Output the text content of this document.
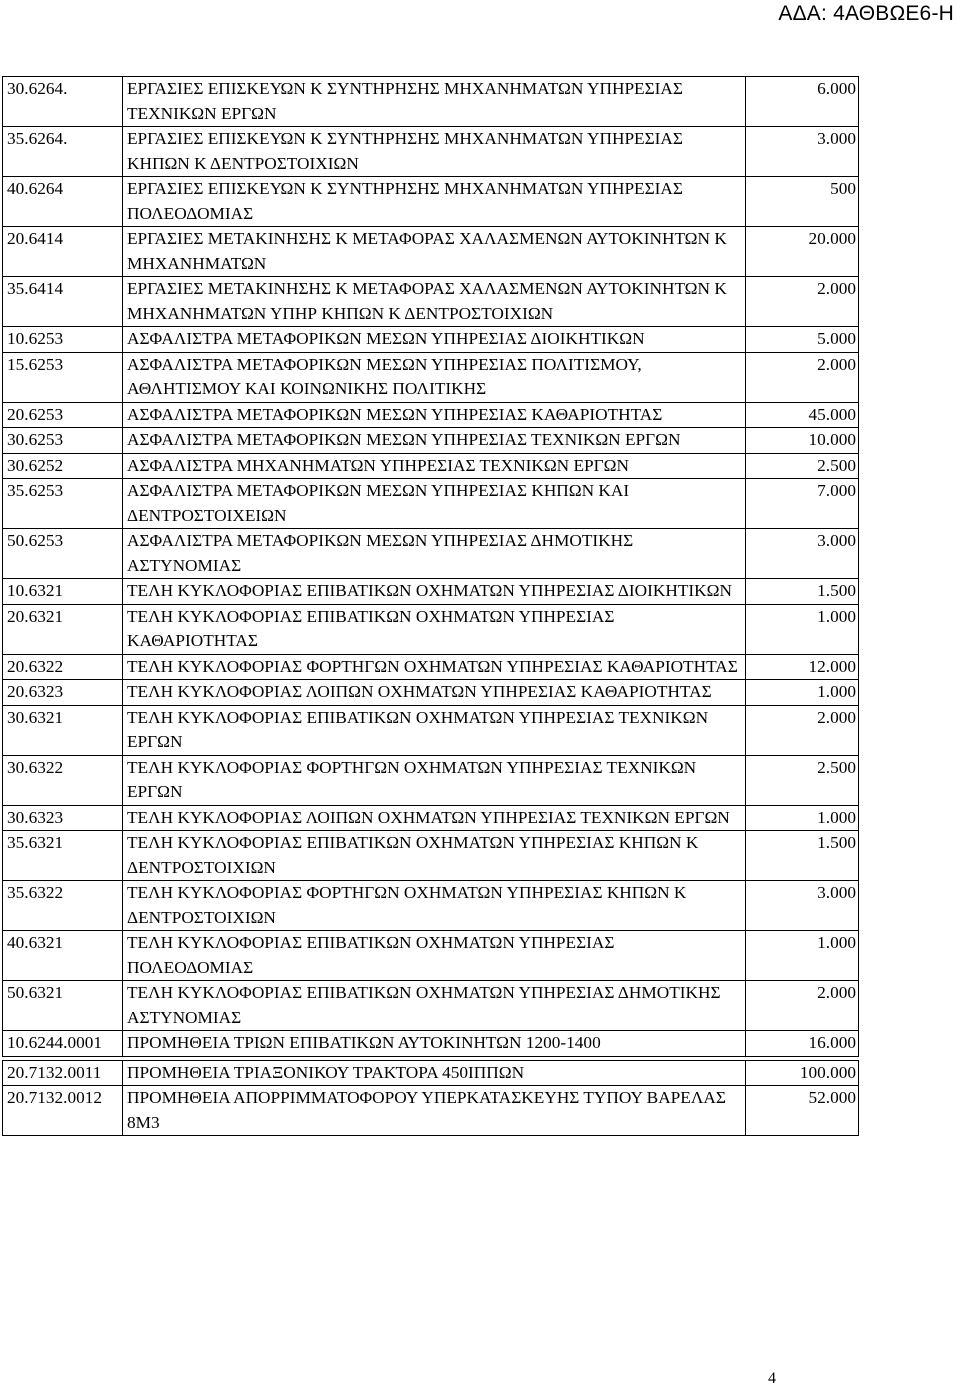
ΑΔΑ: 4ΑΘΒΩΕ6-Η
30.6264.	ΕΡΓΑΣΙΕΣ ΕΠΙΣΚΕΥΩΝ Κ ΣΥΝΤΗΡΗΣΗΣ ΜΗΧΑΝΗΜΑΤΩΝ ΥΠΗΡΕΣΙΑΣ ΤΕΧΝΙΚΩΝ ΕΡΓΩΝ	6.000
35.6264.	ΕΡΓΑΣΙΕΣ ΕΠΙΣΚΕΥΩΝ Κ ΣΥΝΤΗΡΗΣΗΣ ΜΗΧΑΝΗΜΑΤΩΝ ΥΠΗΡΕΣΙΑΣ ΚΗΠΩΝ Κ ΔΕΝΤΡΟΣΤΟΙΧΙΩΝ	3.000
40.6264	ΕΡΓΑΣΙΕΣ ΕΠΙΣΚΕΥΩΝ Κ ΣΥΝΤΗΡΗΣΗΣ ΜΗΧΑΝΗΜΑΤΩΝ ΥΠΗΡΕΣΙΑΣ ΠΟΛΕΟΔΟΜΙΑΣ	500
20.6414	ΕΡΓΑΣΙΕΣ ΜΕΤΑΚΙΝΗΣΗΣ Κ ΜΕΤΑΦΟΡΑΣ ΧΑΛΑΣΜΕΝΩΝ ΑΥΤΟΚΙΝΗΤΩΝ Κ ΜΗΧΑΝΗΜΑΤΩΝ	20.000
35.6414	ΕΡΓΑΣΙΕΣ ΜΕΤΑΚΙΝΗΣΗΣ Κ ΜΕΤΑΦΟΡΑΣ ΧΑΛΑΣΜΕΝΩΝ ΑΥΤΟΚΙΝΗΤΩΝ Κ ΜΗΧΑΝΗΜΑΤΩΝ ΥΠΗΡ ΚΗΠΩΝ Κ ΔΕΝΤΡΟΣΤΟΙΧΙΩΝ	2.000
10.6253	ΑΣΦΑΛΙΣΤΡΑ ΜΕΤΑΦΟΡΙΚΩΝ ΜΕΣΩΝ ΥΠΗΡΕΣΙΑΣ ΔΙΟΙΚΗΤΙΚΩΝ	5.000
15.6253	ΑΣΦΑΛΙΣΤΡΑ ΜΕΤΑΦΟΡΙΚΩΝ ΜΕΣΩΝ ΥΠΗΡΕΣΙΑΣ ΠΟΛΙΤΙΣΜΟΥ, ΑΘΛΗΤΙΣΜΟΥ ΚΑΙ ΚΟΙΝΩΝΙΚΗΣ ΠΟΛΙΤΙΚΗΣ	2.000
20.6253	ΑΣΦΑΛΙΣΤΡΑ ΜΕΤΑΦΟΡΙΚΩΝ ΜΕΣΩΝ ΥΠΗΡΕΣΙΑΣ ΚΑΘΑΡΙΟΤΗΤΑΣ	45.000
30.6253	ΑΣΦΑΛΙΣΤΡΑ ΜΕΤΑΦΟΡΙΚΩΝ ΜΕΣΩΝ ΥΠΗΡΕΣΙΑΣ ΤΕΧΝΙΚΩΝ ΕΡΓΩΝ	10.000
30.6252	ΑΣΦΑΛΙΣΤΡΑ ΜΗΧΑΝΗΜΑΤΩΝ ΥΠΗΡΕΣΙΑΣ ΤΕΧΝΙΚΩΝ ΕΡΓΩΝ	2.500
35.6253	ΑΣΦΑΛΙΣΤΡΑ ΜΕΤΑΦΟΡΙΚΩΝ ΜΕΣΩΝ ΥΠΗΡΕΣΙΑΣ ΚΗΠΩΝ ΚΑΙ ΔΕΝΤΡΟΣΤΟΙΧΕΙΩΝ	7.000
50.6253	ΑΣΦΑΛΙΣΤΡΑ ΜΕΤΑΦΟΡΙΚΩΝ ΜΕΣΩΝ ΥΠΗΡΕΣΙΑΣ ΔΗΜΟΤΙΚΗΣ ΑΣΤΥΝΟΜΙΑΣ	3.000
10.6321	ΤΕΛΗ ΚΥΚΛΟΦΟΡΙΑΣ ΕΠΙΒΑΤΙΚΩΝ ΟΧΗΜΑΤΩΝ ΥΠΗΡΕΣΙΑΣ ΔΙΟΙΚΗΤΙΚΩΝ	1.500
20.6321	ΤΕΛΗ ΚΥΚΛΟΦΟΡΙΑΣ ΕΠΙΒΑΤΙΚΩΝ ΟΧΗΜΑΤΩΝ ΥΠΗΡΕΣΙΑΣ ΚΑΘΑΡΙΟΤΗΤΑΣ	1.000
20.6322	ΤΕΛΗ ΚΥΚΛΟΦΟΡΙΑΣ ΦΟΡΤΗΓΩΝ ΟΧΗΜΑΤΩΝ ΥΠΗΡΕΣΙΑΣ ΚΑΘΑΡΙΟΤΗΤΑΣ	12.000
20.6323	ΤΕΛΗ ΚΥΚΛΟΦΟΡΙΑΣ ΛΟΙΠΩΝ ΟΧΗΜΑΤΩΝ ΥΠΗΡΕΣΙΑΣ ΚΑΘΑΡΙΟΤΗΤΑΣ	1.000
30.6321	ΤΕΛΗ ΚΥΚΛΟΦΟΡΙΑΣ ΕΠΙΒΑΤΙΚΩΝ ΟΧΗΜΑΤΩΝ ΥΠΗΡΕΣΙΑΣ ΤΕΧΝΙΚΩΝ ΕΡΓΩΝ	2.000
30.6322	ΤΕΛΗ ΚΥΚΛΟΦΟΡΙΑΣ ΦΟΡΤΗΓΩΝ ΟΧΗΜΑΤΩΝ ΥΠΗΡΕΣΙΑΣ ΤΕΧΝΙΚΩΝ ΕΡΓΩΝ	2.500
30.6323	ΤΕΛΗ ΚΥΚΛΟΦΟΡΙΑΣ ΛΟΙΠΩΝ ΟΧΗΜΑΤΩΝ ΥΠΗΡΕΣΙΑΣ ΤΕΧΝΙΚΩΝ ΕΡΓΩΝ	1.000
35.6321	ΤΕΛΗ ΚΥΚΛΟΦΟΡΙΑΣ ΕΠΙΒΑΤΙΚΩΝ ΟΧΗΜΑΤΩΝ ΥΠΗΡΕΣΙΑΣ ΚΗΠΩΝ Κ ΔΕΝΤΡΟΣΤΟΙΧΙΩΝ	1.500
35.6322	ΤΕΛΗ ΚΥΚΛΟΦΟΡΙΑΣ ΦΟΡΤΗΓΩΝ ΟΧΗΜΑΤΩΝ ΥΠΗΡΕΣΙΑΣ ΚΗΠΩΝ Κ ΔΕΝΤΡΟΣΤΟΙΧΙΩΝ	3.000
40.6321	ΤΕΛΗ ΚΥΚΛΟΦΟΡΙΑΣ ΕΠΙΒΑΤΙΚΩΝ ΟΧΗΜΑΤΩΝ ΥΠΗΡΕΣΙΑΣ ΠΟΛΕΟΔΟΜΙΑΣ	1.000
50.6321	ΤΕΛΗ ΚΥΚΛΟΦΟΡΙΑΣ ΕΠΙΒΑΤΙΚΩΝ ΟΧΗΜΑΤΩΝ ΥΠΗΡΕΣΙΑΣ ΔΗΜΟΤΙΚΗΣ ΑΣΤΥΝΟΜΙΑΣ	2.000
10.6244.0001	ΠΡΟΜΗΘΕΙΑ ΤΡΙΩΝ ΕΠΙΒΑΤΙΚΩΝ ΑΥΤΟΚΙΝΗΤΩΝ 1200-1400	16.000

20.7132.0011	ΠΡΟΜΗΘΕΙΑ ΤΡΙΑΞΟΝΙΚΟΥ ΤΡΑΚΤΟΡΑ 450ΙΠΠΩΝ	100.000
20.7132.0012	ΠΡΟΜΗΘΕΙΑ ΑΠΟΡΡΙΜΜΑΤΟΦΟΡΟΥ ΥΠΕΡΚΑΤΑΣΚΕΥΗΣ ΤΥΠΟΥ ΒΑΡΕΛΑΣ 8Μ3	52.000
4
